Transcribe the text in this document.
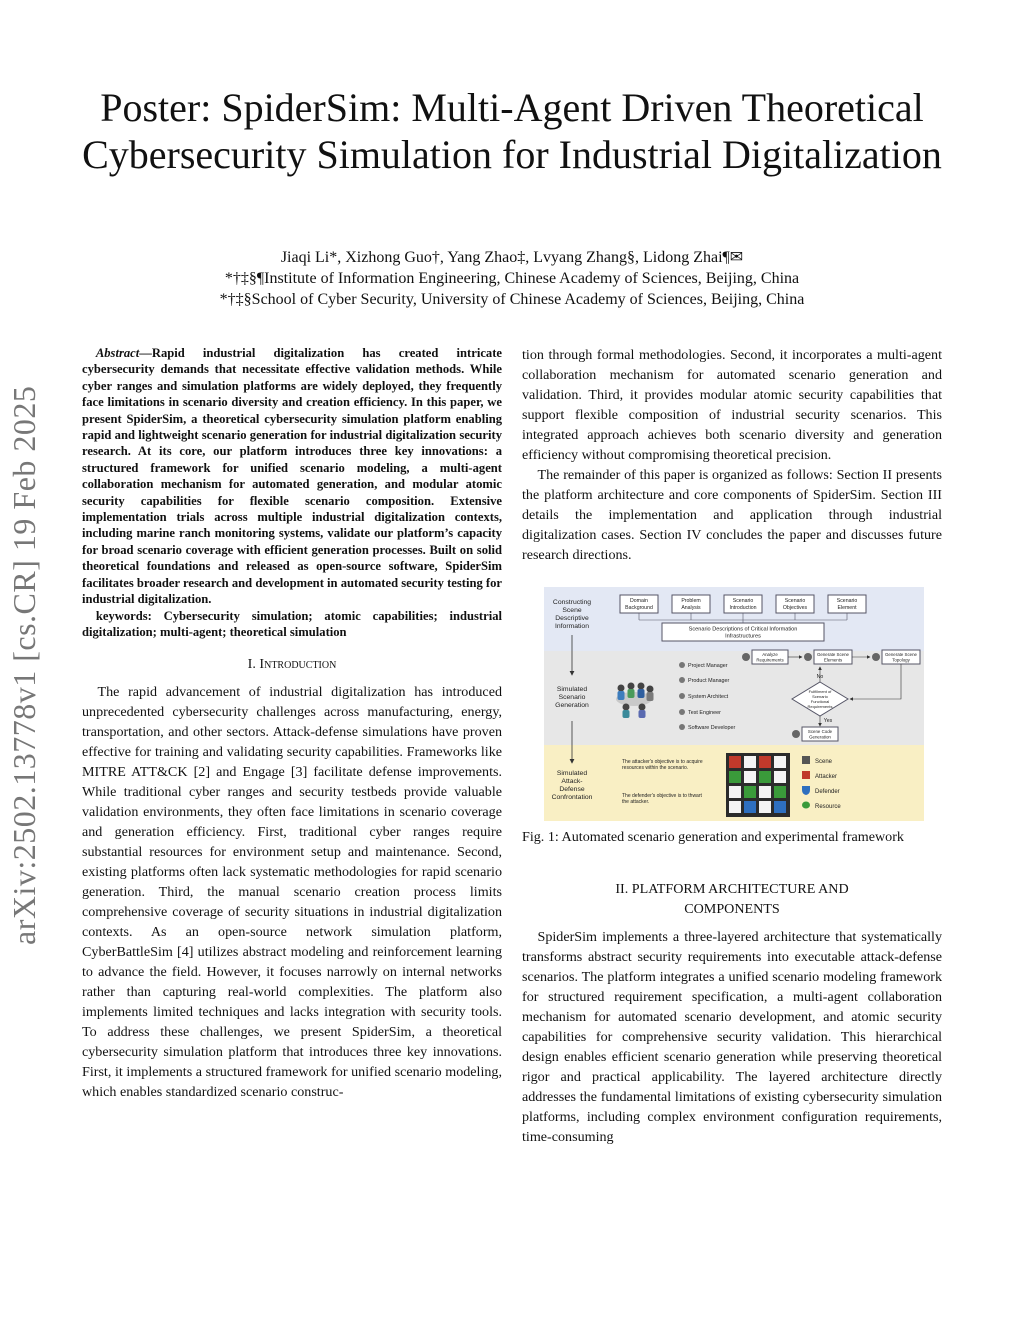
arXiv:2502.13778v1 [cs.CR] 19 Feb 2025
Poster: SpiderSim: Multi-Agent Driven Theoretical Cybersecurity Simulation for Industrial Digitalization
Jiaqi Li*, Xizhong Guo†, Yang Zhao‡, Lvyang Zhang§, Lidong Zhai¶✉
*†‡§¶Institute of Information Engineering, Chinese Academy of Sciences, Beijing, China
*†‡§School of Cyber Security, University of Chinese Academy of Sciences, Beijing, China

Abstract—Rapid industrial digitalization has created intricate cybersecurity demands that necessitate effective validation methods. While cyber ranges and simulation platforms are widely deployed, they frequently face limitations in scenario diversity and creation efficiency. In this paper, we present SpiderSim, a theoretical cybersecurity simulation platform enabling rapid and lightweight scenario generation for industrial digitalization security research. At its core, our platform introduces three key innovations: a structured framework for unified scenario modeling, a multi-agent collaboration mechanism for automated generation, and modular atomic security capabilities for flexible scenario composition. Extensive implementation trials across multiple industrial digitalization contexts, including marine ranch monitoring systems, validate our platform’s capacity for broad scenario coverage with efficient generation processes. Built on solid theoretical foundations and released as open-source software, SpiderSim facilitates broader research and development in automated security testing for industrial digitalization.

keywords: Cybersecurity simulation; atomic capabilities; industrial digitalization; multi-agent; theoretical simulation

I. Introduction

The rapid advancement of industrial digitalization has introduced unprecedented cybersecurity challenges across manufacturing, energy, transportation, and other sectors. Attack-defense simulations have proven effective for training and validating security capabilities. Frameworks like MITRE ATT&CK [2] and Engage [3] facilitate defense improvements. While traditional cyber ranges and security testbeds provide valuable validation environments, they often face limitations in scenario coverage and generation efficiency. First, traditional cyber ranges require substantial resources for environment setup and maintenance. Second, existing platforms often lack systematic methodologies for rapid scenario generation. Third, the manual scenario creation process limits comprehensive coverage of security situations in industrial digitalization contexts. As an open-source network simulation platform, CyberBattleSim [4] utilizes abstract modeling and reinforcement learning to advance the field. However, it focuses narrowly on internal networks rather than capturing real-world complexities. The platform also implements limited techniques and lacks integration with security tools. To address these challenges, we present SpiderSim, a theoretical cybersecurity simulation platform that introduces three key innovations. First, it implements a structured framework for unified scenario modeling, which enables standardized scenario construc-

tion through formal methodologies. Second, it incorporates a multi-agent collaboration mechanism for automated scenario generation and validation. Third, it provides modular atomic security capabilities that support flexible composition of industrial security scenarios. This integrated approach achieves both scenario diversity and generation efficiency without compromising theoretical precision.

The remainder of this paper is organized as follows: Section II presents the platform architecture and core components of SpiderSim. Section III details the implementation and application through industrial digitalization cases. Section IV concludes the paper and discusses future research directions.

Constructing Scene Descriptive Information
Simulated Scenario Generation
Simulated Attack-Defense Confrontation
Domain Background
Problem Analysis
Scenario Introduction
Scenario Objectives
Scenario Element
Scenario Descriptions of Critical Information Infrastructures
Project Manager
Product Manager
System Architect
Test Engineer
Software Developer
Analyze Requirements
Generate Scene Elements
Generate Scene Topology
No
Fulfillment of Scenario Functional Requirements
Yes
Scene Code Generation
The attacker's objective is to acquire resources within the scenario.
The defender's objective is to thwart the attacker.
Scene
Attacker
Defender
Resource
Fig. 1: Automated scenario generation and experimental framework
II. PLATFORM ARCHITECTURE AND
COMPONENTS

SpiderSim implements a three-layered architecture that systematically transforms abstract security requirements into executable attack-defense scenarios. The platform integrates a unified scenario modeling framework for structured requirement specification, a multi-agent collaboration mechanism for automated scenario development, and atomic security capabilities for comprehensive security validation. This hierarchical design enables efficient scenario generation while preserving theoretical rigor and practical applicability. The layered architecture directly addresses the fundamental limitations of existing cybersecurity simulation platforms, including complex environment configuration requirements, time-consuming
